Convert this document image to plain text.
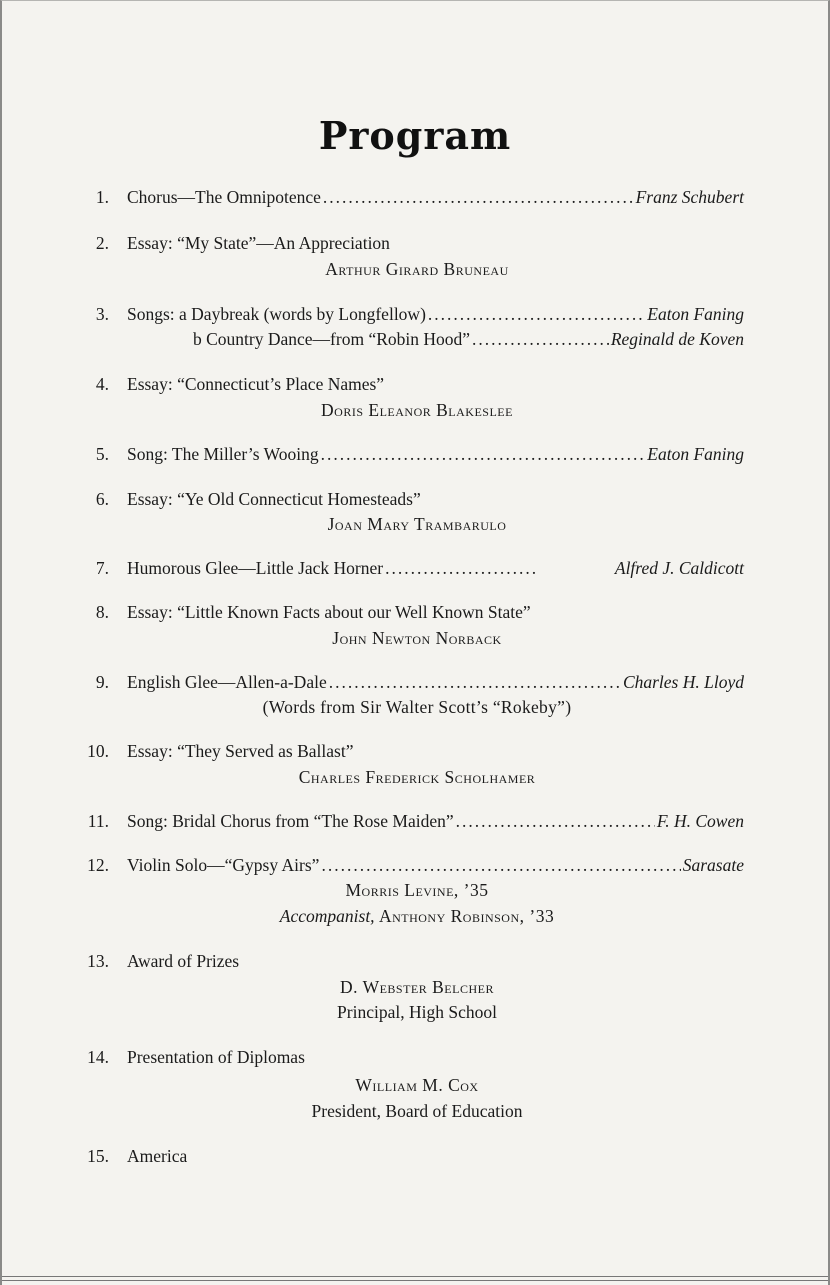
Program
1. Chorus—The Omnipotence .....	Franz Schubert
2. Essay: “My State”—An Appreciation
Arthur Girard Bruneau
3. Songs: a Daybreak (words by Longfellow) .....	Eaton Faning
b Country Dance—from “Robin Hood” .....	Reginald de Koven
4. Essay: “Connecticut’s Place Names”
Doris Eleanor Blakeslee
5. Song: The Miller’s Wooing .....	Eaton Faning
6. Essay: “Ye Old Connecticut Homesteads”
Joan Mary Trambarulo
7. Humorous Glee—Little Jack Horner .....	Alfred J. Caldicott
8. Essay: “Little Known Facts about our Well Known State”
John Newton Norback
9. English Glee—Allen-a-Dale .....	Charles H. Lloyd
(Words from Sir Walter Scott’s “Rokeby”)
10. Essay: “They Served as Ballast”
Charles Frederick Scholhamer
11. Song: Bridal Chorus from “The Rose Maiden” .....	F. H. Cowen
12. Violin Solo—“Gypsy Airs” .....	Sarasate
Morris Levine, ’35
Accompanist, Anthony Robinson, ’33
13. Award of Prizes
D. Webster Belcher
Principal, High School
14. Presentation of Diplomas
William M. Cox
President, Board of Education
15. America
